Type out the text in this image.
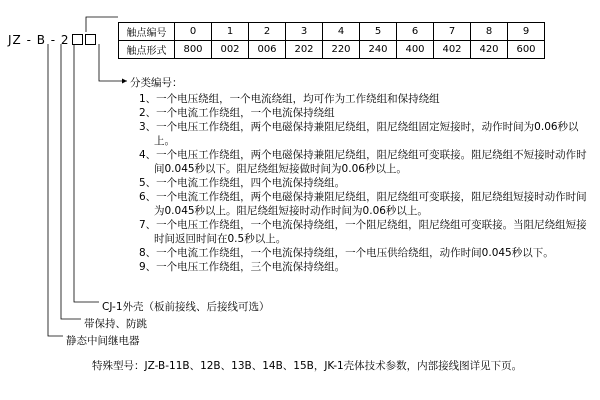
JZ - B - 2	触点编号	0	1	2	3	4	5	6	7	8	9
触点形式	800	002	006	202	220	240	400	402	420	600
分类编号：
1、一个电压绕组，一个电流绕组，均可作为工作绕组和保持绕组
2、一个电流工作绕组，一个电流保持绕组
3、一个电压工作绕组，两个电磁保持兼阻尼绕组，阻尼绕组固定短接时，动作时间为0.06秒以上。
4、一个电压工作绕组，两个电磁保持兼阻尼绕组，阻尼绕组可变联接。阻尼绕组不短接时动作时间0.045秒以下。阻尼绕组短接做时间为0.06秒以上。
5、一个电流工作绕组，四个电流保持绕组。
6、一个电流工作绕组，两个电磁保持兼阻尼绕组，阻尼绕组可变联接，阻尼绕组短接时动作时间为0.045秒以上。阻尼绕组短接时动作时间为0.06秒以上。
7、一个电压工作绕组，一个电流保持绕组，一个阻尼绕组，阻尼绕组可变联接。当阻尼绕组短接时间返回时间在0.5秒以上。
8、一个电流工作绕组，一个电流保持绕组，一个电压供给绕组，动作时间0.045秒以下。
9、一个电压工作绕组，三个电流保持绕组。
CJ-1外壳（板前接线、后接线可选）
带保持、防跳
静态中间继电器
特殊型号：JZ-B-11B、12B、13B、14B、15B，JK-1壳体技术参数，内部接线图详见下页。
